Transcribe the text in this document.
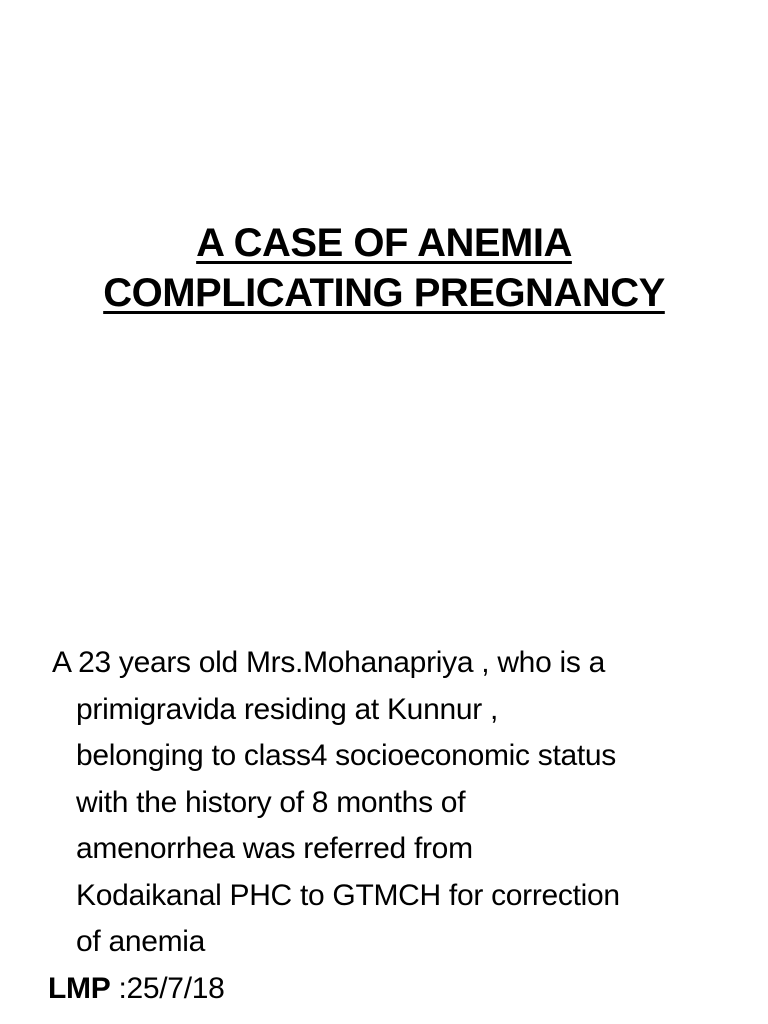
A CASE OF ANEMIA
COMPLICATING PREGNANCY
A 23 years old Mrs.Mohanapriya , who is a
primigravida residing at Kunnur ,
belonging to class4 socioeconomic status
with the history of 8 months of
amenorrhea was referred from
Kodaikanal PHC to GTMCH for correction
of anemia
LMP :25/7/18
